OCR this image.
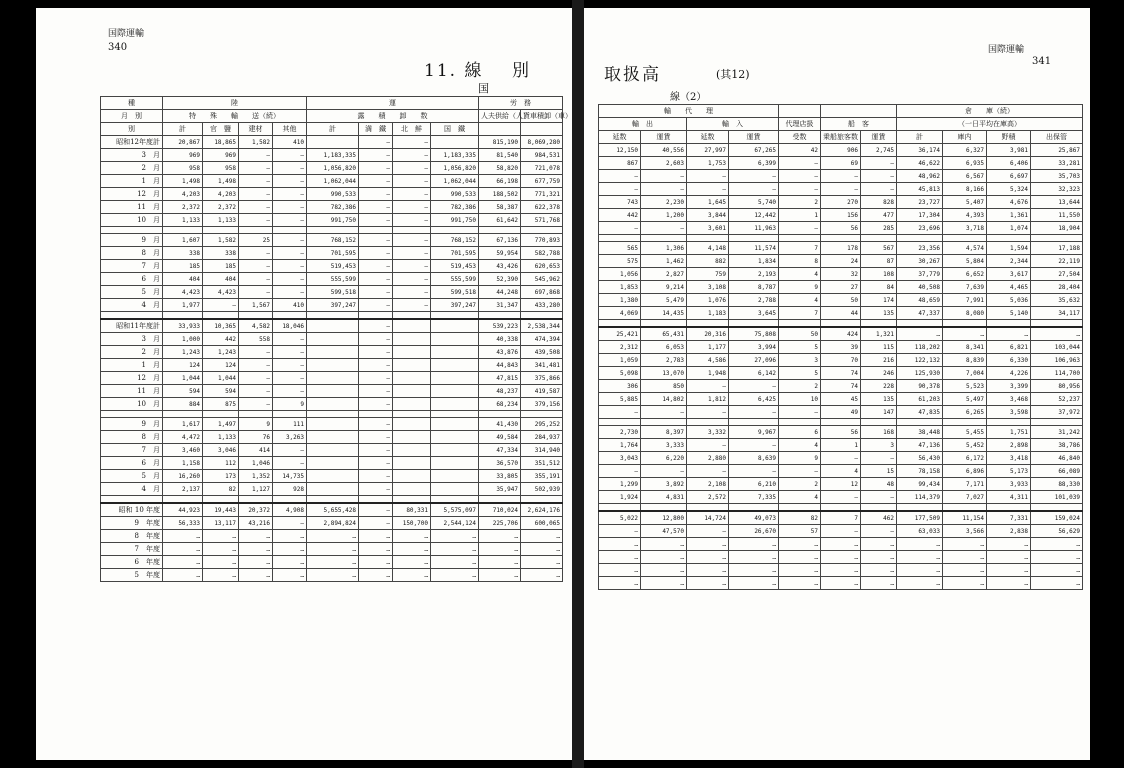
国際運輸
340
11. 線 別
国
種	陸				運				労　 務	
月　 別	特　　殊　　輸　　送（続）				露　　積　　卸　　数				人夫供給（人）	貨車積卸（車）
別	計	官　鹽	建材	其他	計	満　鐵	北　鮮	国　鐵		
昭和12年度計	20,867	18,865	1,582	410		—	—		815,190	8,069,280
3　月	969	969	—	—	1,183,335	—	—	1,183,335	81,540	984,531
2　月	958	958	—	—	1,056,820	—	—	1,056,820	58,820	721,078
1　月	1,498	1,498	—	—	1,062,044	—	—	1,062,044	66,198	677,759
12　月	4,203	4,203	—	—	990,533	—	—	990,533	188,502	771,321
11　月	2,372	2,372	—	—	782,386	—	—	782,386	58,387	622,378
10　月	1,133	1,133	—	—	991,750	—	—	991,750	61,642	571,768

9　月	1,607	1,582	25	—	768,152	—	—	768,152	67,136	770,893
8　月	338	338	—	—	701,595	—	—	701,595	59,954	582,788
7　月	185	185	—	—	519,453	—	—	519,453	43,426	620,653
6　月	404	404	—	—	555,599	—	—	555,599	52,390	545,962
5　月	4,423	4,423	—	—	599,518	—	—	599,518	44,248	697,868
4　月	1,977	—	1,567	410	397,247	—	—	397,247	31,347	433,280

昭和11年度計	33,933	10,365	4,582	18,046		—			539,223	2,538,344
3　月	1,000	442	558	—		—			40,338	474,394
2　月	1,243	1,243	—	—		—			43,876	439,508
1　月	124	124	—	—		—			44,843	341,481
12　月	1,044	1,044	—	—		—			47,815	375,866
11　月	594	594	—	—		—			48,237	419,587
10　月	884	875	—	9		—			68,234	379,156

9　月	1,617	1,497	9	111		—			41,430	295,252
8　月	4,472	1,133	76	3,263		—			49,584	284,937
7　月	3,460	3,046	414	—		—			47,334	314,940
6　月	1,158	112	1,046	—		—			36,570	351,512
5　月	16,260	173	1,352	14,735		—			33,805	355,191
4　月	2,137	82	1,127	928		—			35,947	502,939

昭和 10 年度	44,923	19,443	20,372	4,908	5,655,428	—	80,331	5,575,097	710,024	2,624,176
9　年度	56,333	13,117	43,216	—	2,894,824	—	150,700	2,544,124	225,706	600,065
8　年度	…	…	…	…	…	…	…	…	…	…
7　年度	…	…	…	…	…	…	…	…	…	…
6　年度	…	…	…	…	…	…	…	…	…	…
5　年度	…	…	…	…	…	…	…	…	…	…
国際運輸
341
取扱高	(其12)
線（2）
輸　　 代　　 理							倉　　 庫（続）			
輸　 出		輸　 入		代理店扱	船　 客		（一日平均在庫高）			
延数	運賃	延数	運賃	受数	乗船旅客数	運賃	計	庫内	野積	出保管
12,150	40,556	27,997	67,265	42	906	2,745	36,174	6,327	3,981	25,867
867	2,603	1,753	6,399	—	69	—	46,622	6,935	6,406	33,281
—	—	—	—	—	—	—	48,962	6,567	6,697	35,703
—	—	—	—	—	—	—	45,813	8,166	5,324	32,323
743	2,230	1,645	5,740	2	270	828	23,727	5,407	4,676	13,644
442	1,200	3,844	12,442	1	156	477	17,304	4,393	1,361	11,550
—	—	3,601	11,963	—	56	285	23,696	3,718	1,074	18,904

565	1,306	4,148	11,574	7	178	567	23,356	4,574	1,594	17,188
575	1,462	882	1,834	8	24	87	30,267	5,804	2,344	22,119
1,056	2,827	759	2,193	4	32	108	37,779	6,652	3,617	27,504
1,853	9,214	3,108	8,787	9	27	84	40,508	7,639	4,465	28,404
1,380	5,479	1,076	2,788	4	50	174	48,659	7,991	5,036	35,632
4,069	14,435	1,183	3,645	7	44	135	47,337	8,080	5,140	34,117

25,421	65,431	20,316	75,808	50	424	1,321	…	…	…	…
2,312	6,053	1,177	3,994	5	39	115	118,202	8,341	6,821	103,044
1,059	2,783	4,586	27,096	3	70	216	122,132	8,839	6,330	106,963
5,098	13,070	1,948	6,142	5	74	246	125,930	7,004	4,226	114,700
306	850	—	—	2	74	228	90,378	5,523	3,399	80,956
5,885	14,802	1,812	6,425	10	45	135	61,203	5,497	3,468	52,237
—	—	—	—	—	49	147	47,835	6,265	3,598	37,972

2,730	8,397	3,332	9,967	6	56	168	38,448	5,455	1,751	31,242
1,764	3,333	—	—	4	1	3	47,136	5,452	2,898	38,786
3,043	6,220	2,880	8,639	9	—	—	56,430	6,172	3,418	46,840
—	—	—	—	—	4	15	78,158	6,896	5,173	66,089
1,299	3,892	2,108	6,210	2	12	48	99,434	7,171	3,933	88,330
1,924	4,831	2,572	7,335	4	—	—	114,379	7,027	4,311	101,039

5,022	12,800	14,724	49,073	82	7	462	177,509	11,154	7,331	159,024
—	47,570	—	26,670	57	—	—	63,033	3,566	2,838	56,629
…	…	…	…	…	…	…	…	…	…	…
…	…	…	…	…	…	…	…	…	…	…
…	…	…	…	…	…	…	…	…	…	…
…	…	…	…	…	…	…	…	…	…	…
